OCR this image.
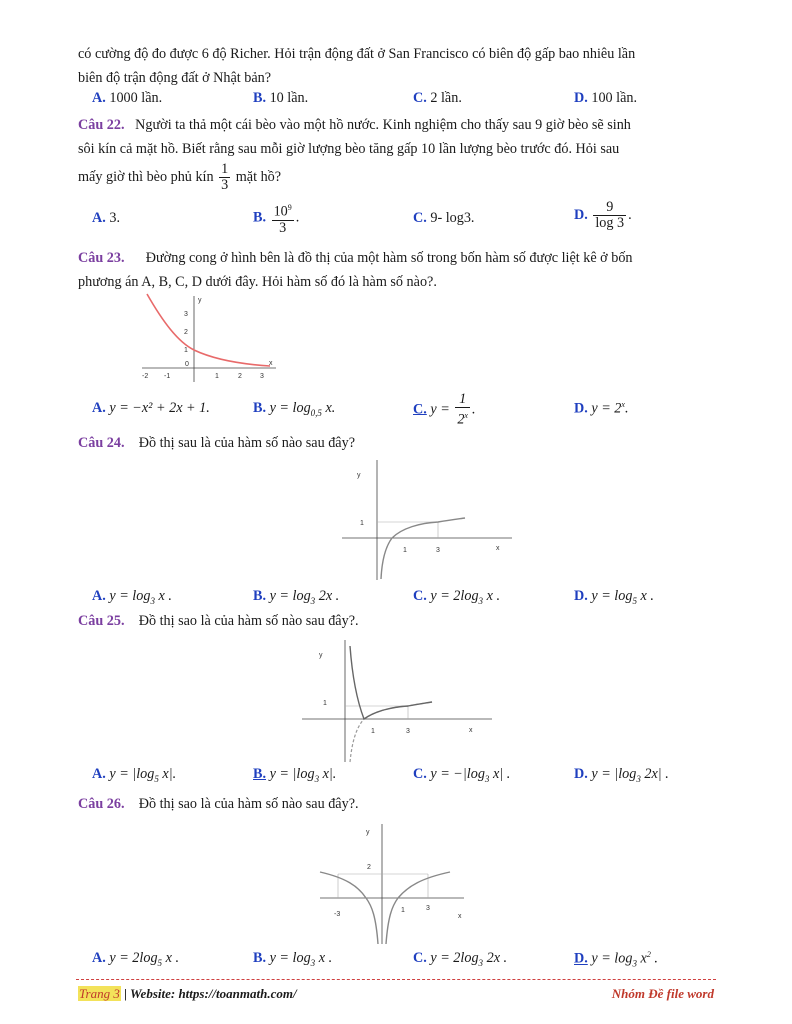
có cường độ đo được 6 độ Richer. Hỏi trận động đất ở San Francisco có biên độ gấp bao nhiêu lần
biên độ trận động đất ở Nhật bản?
A. 1000 lần.	B. 10 lần.	C. 2 lần.	D. 100 lần.
Câu 22. Người ta thả một cái bèo vào một hồ nước. Kinh nghiệm cho thấy sau 9 giờ bèo sẽ sinh
sôi kín cả mặt hồ. Biết rằng sau mỗi giờ lượng bèo tăng gấp 10 lần lượng bèo trước đó. Hỏi sau
mấy giờ thì bèo phủ kín $\frac{1}{3}$ mặt hồ?
A. 3.	B. $\frac{10^9}{3}$ .	C. 9- log3.	D. $\frac{9}{\log 3}$ .
Câu 23. Đường cong ở hình bên là đồ thị của một hàm số trong bốn hàm số được liệt kê ở bốn
phương án A, B, C, D dưới đây. Hỏi hàm số đó là hàm số nào?.
y
x
3
2
1
-2 -1
0
1	2	3
A. y = −x² + 2x + 1.	B. $y = \log_{0,5} x$.	C. $y = \frac{1}{2^x}$ .	D. $y = 2^x$.
Câu 24. Đồ thị sau là của hàm số nào sau đây?
y
x
1
1	3
A. $y = \log_3 x$ .	B. $y = \log_3 2x$ .	C. $y = 2\log_3$ x .	D. $y = \log_5 x$ .
Câu 25. Đồ thị sao là của hàm số nào sau đây?.
y
x
1
1	3
A. $y = |\log_5$ x|.	B. $y = |\log_3$ x|.	C. $y = -|\log_3$ x| .	D. $y = |\log_3$ 2x| .
Câu 26. Đồ thị sao là của hàm số nào sau đây?.
y
x
2
-3
1	3
A. $y = 2\log_5$ x .	B. $y = \log_3 x$ .	C. $y = 2\log_3$ 2x .	D. $y = \log_3 x^2$ .
Trang 3 | Website: https://toanmath.com/	Nhóm Đề file word
